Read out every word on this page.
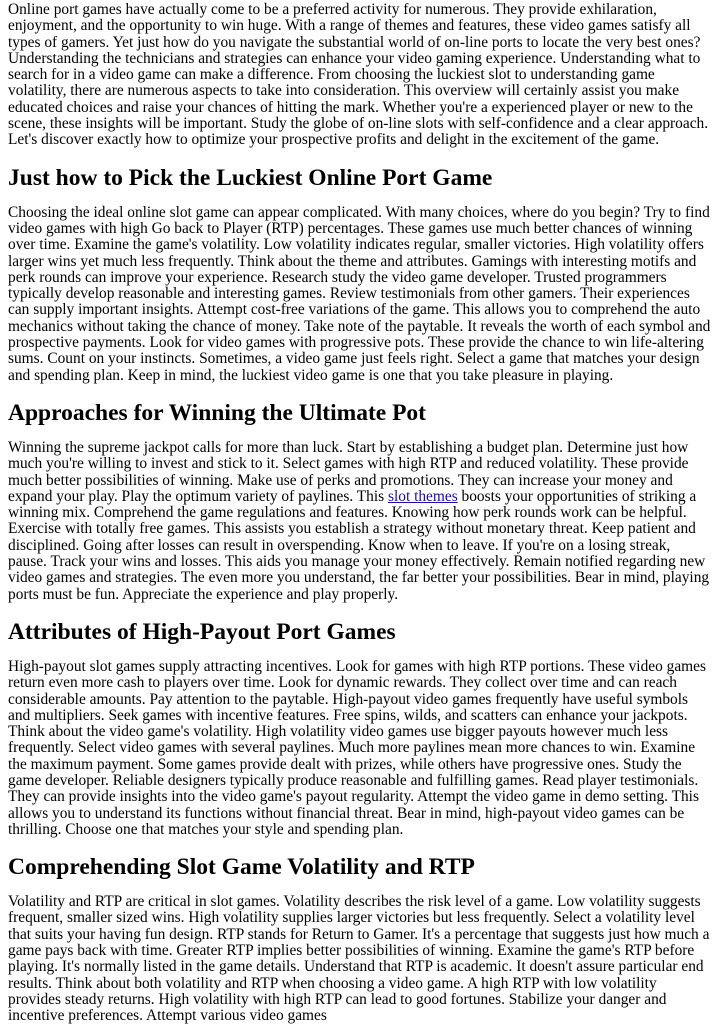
Online port games have actually come to be a preferred activity for numerous. They provide exhilaration, enjoyment, and the opportunity to win huge. With a range of themes and features, these video games satisfy all types of gamers. Yet just how do you navigate the substantial world of on-line ports to locate the very best ones? Understanding the technicians and strategies can enhance your video gaming experience. Understanding what to search for in a video game can make a difference. From choosing the luckiest slot to understanding game volatility, there are numerous aspects to take into consideration. This overview will certainly assist you make educated choices and raise your chances of hitting the mark. Whether you're a experienced player or new to the scene, these insights will be important. Study the globe of on-line slots with self-confidence and a clear approach. Let's discover exactly how to optimize your prospective profits and delight in the excitement of the game.

Just how to Pick the Luckiest Online Port Game

Choosing the ideal online slot game can appear complicated. With many choices, where do you begin? Try to find video games with high Go back to Player (RTP) percentages. These games use much better chances of winning over time. Examine the game's volatility. Low volatility indicates regular, smaller victories. High volatility offers larger wins yet much less frequently. Think about the theme and attributes. Gamings with interesting motifs and perk rounds can improve your experience. Research study the video game developer. Trusted programmers typically develop reasonable and interesting games. Review testimonials from other gamers. Their experiences can supply important insights. Attempt cost-free variations of the game. This allows you to comprehend the auto mechanics without taking the chance of money. Take note of the paytable. It reveals the worth of each symbol and prospective payments. Look for video games with progressive pots. These provide the chance to win life-altering sums. Count on your instincts. Sometimes, a video game just feels right. Select a game that matches your design and spending plan. Keep in mind, the luckiest video game is one that you take pleasure in playing.

Approaches for Winning the Ultimate Pot

Winning the supreme jackpot calls for more than luck. Start by establishing a budget plan. Determine just how much you're willing to invest and stick to it. Select games with high RTP and reduced volatility. These provide much better possibilities of winning. Make use of perks and promotions. They can increase your money and expand your play. Play the optimum variety of paylines. This slot themes boosts your opportunities of striking a winning mix. Comprehend the game regulations and features. Knowing how perk rounds work can be helpful. Exercise with totally free games. This assists you establish a strategy without monetary threat. Keep patient and disciplined. Going after losses can result in overspending. Know when to leave. If you're on a losing streak, pause. Track your wins and losses. This aids you manage your money effectively. Remain notified regarding new video games and strategies. The even more you understand, the far better your possibilities. Bear in mind, playing ports must be fun. Appreciate the experience and play properly.

Attributes of High-Payout Port Games

High-payout slot games supply attracting incentives. Look for games with high RTP portions. These video games return even more cash to players over time. Look for dynamic rewards. They collect over time and can reach considerable amounts. Pay attention to the paytable. High-payout video games frequently have useful symbols and multipliers. Seek games with incentive features. Free spins, wilds, and scatters can enhance your jackpots. Think about the video game's volatility. High volatility video games use bigger payouts however much less frequently. Select video games with several paylines. Much more paylines mean more chances to win. Examine the maximum payment. Some games provide dealt with prizes, while others have progressive ones. Study the game developer. Reliable designers typically produce reasonable and fulfilling games. Read player testimonials. They can provide insights into the video game's payout regularity. Attempt the video game in demo setting. This allows you to understand its functions without financial threat. Bear in mind, high-payout video games can be thrilling. Choose one that matches your style and spending plan.

Comprehending Slot Game Volatility and RTP

Volatility and RTP are critical in slot games. Volatility describes the risk level of a game. Low volatility suggests frequent, smaller sized wins. High volatility supplies larger victories but less frequently. Select a volatility level that suits your having fun design. RTP stands for Return to Gamer. It's a percentage that suggests just how much a game pays back with time. Greater RTP implies better possibilities of winning. Examine the game's RTP before playing. It's normally listed in the game details. Understand that RTP is academic. It doesn't assure particular end results. Think about both volatility and RTP when choosing a video game. A high RTP with low volatility provides steady returns. High volatility with high RTP can lead to good fortunes. Stabilize your danger and incentive preferences. Attempt various video games
